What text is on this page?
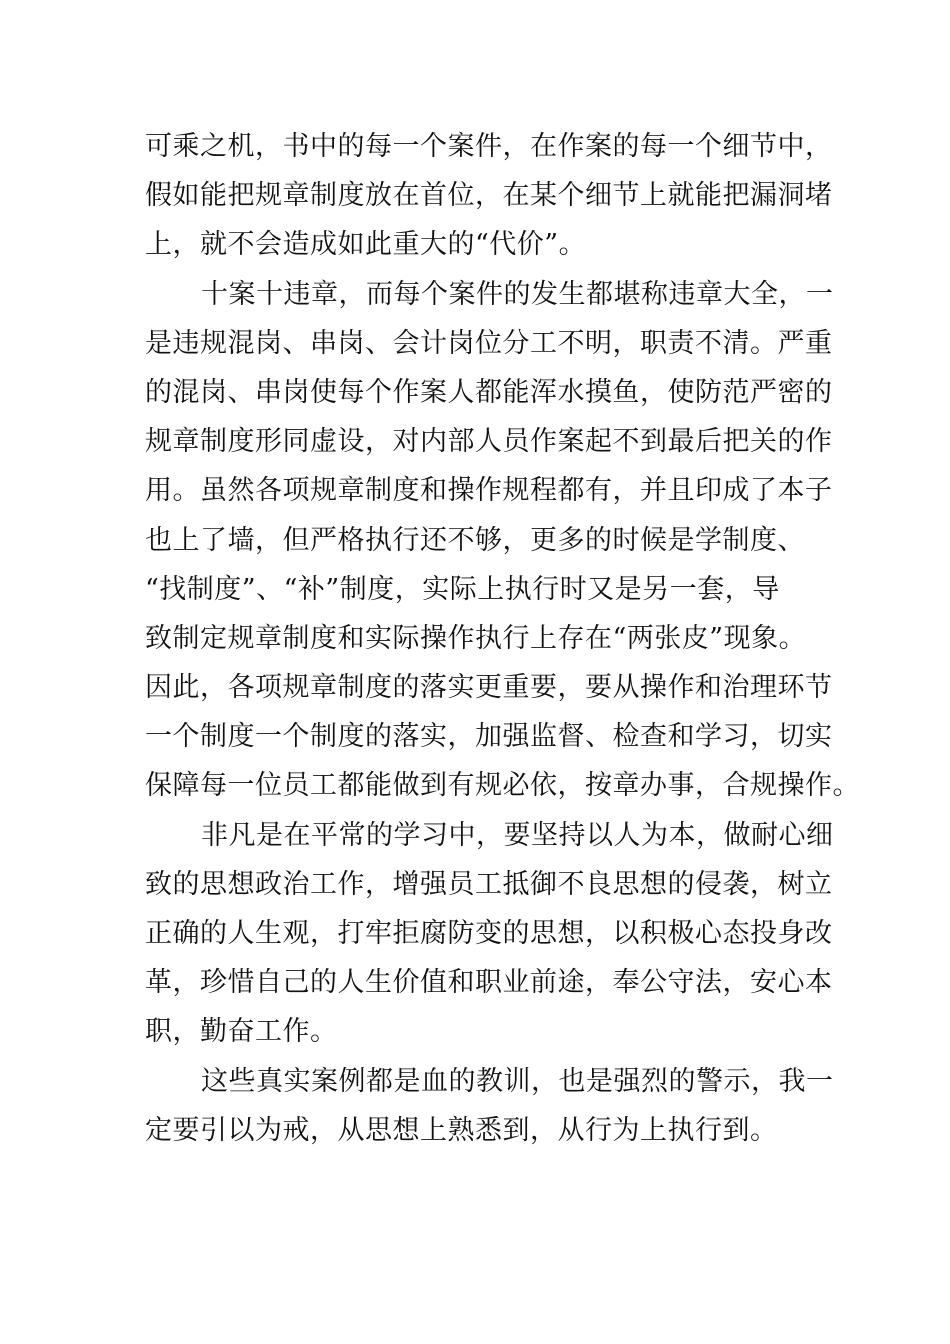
可乘之机，书中的每一个案件，在作案的每一个细节中，
假如能把规章制度放在首位，在某个细节上就能把漏洞堵
上，就不会造成如此重大的“代价”。
十案十违章，而每个案件的发生都堪称违章大全，一
是违规混岗、串岗、会计岗位分工不明，职责不清。严重
的混岗、串岗使每个作案人都能浑水摸鱼，使防范严密的
规章制度形同虚设，对内部人员作案起不到最后把关的作
用。虽然各项规章制度和操作规程都有，并且印成了本子
也上了墙，但严格执行还不够，更多的时候是学制度、
“找制度”、“补”制度，实际上执行时又是另一套，导
致制定规章制度和实际操作执行上存在“两张皮”现象。
因此，各项规章制度的落实更重要，要从操作和治理环节
一个制度一个制度的落实，加强监督、检查和学习，切实
保障每一位员工都能做到有规必依，按章办事，合规操作。
非凡是在平常的学习中，要坚持以人为本，做耐心细
致的思想政治工作，增强员工抵御不良思想的侵袭，树立
正确的人生观，打牢拒腐防变的思想，以积极心态投身改
革，珍惜自己的人生价值和职业前途，奉公守法，安心本
职，勤奋工作。
这些真实案例都是血的教训，也是强烈的警示，我一
定要引以为戒，从思想上熟悉到，从行为上执行到。
